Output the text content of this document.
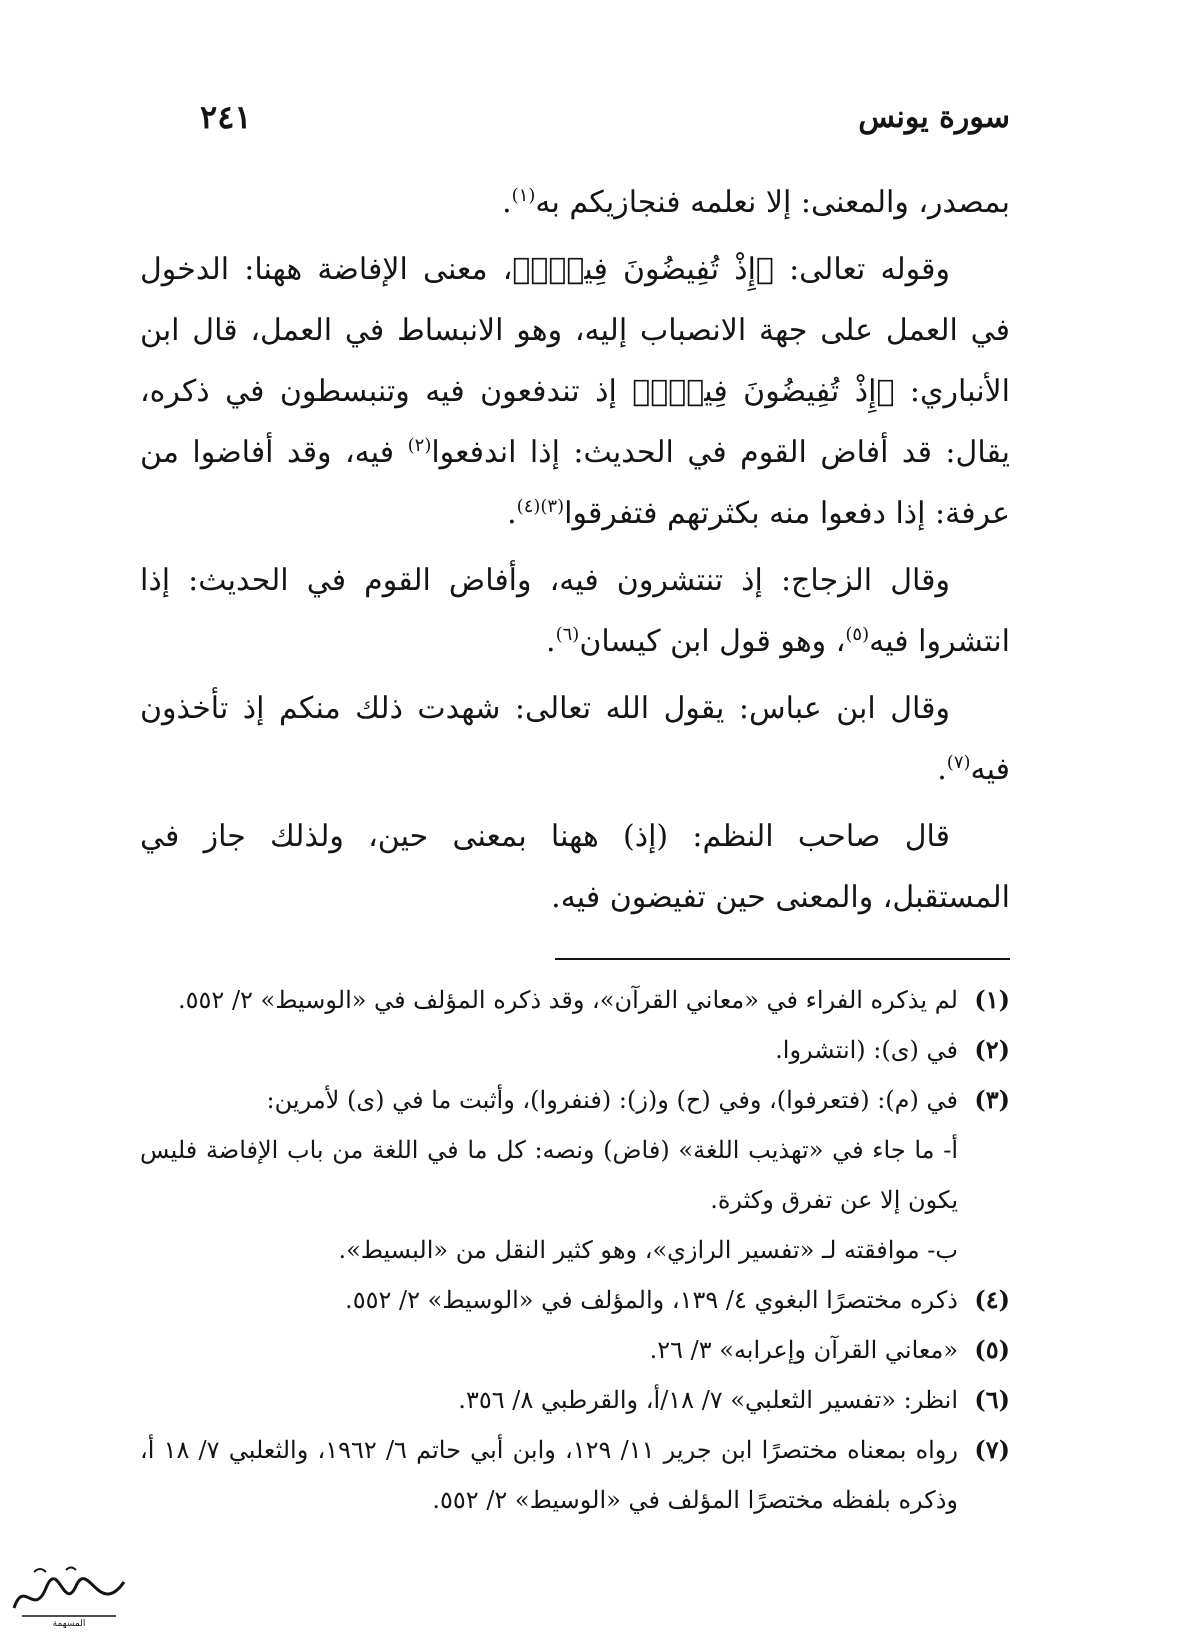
سورة يونس
٢٤١

بمصدر، والمعنى: إلا نعلمه فنجازيكم به$^{(١)}$.

وقوله تعالى: ﴿إِذْ تُفِيضُونَ فِيهِۚ﴾، معنى الإفاضة ههنا: الدخول في العمل على جهة الانصباب إليه، وهو الانبساط في العمل، قال ابن الأنباري: ﴿إِذْ تُفِيضُونَ فِيهِۚ﴾ إذ تندفعون فيه وتنبسطون في ذكره، يقال: قد أفاض القوم في الحديث: إذا اندفعوا$^{(٢)}$ فيه، وقد أفاضوا من عرفة: إذا دفعوا منه بكثرتهم فتفرقوا$^{(٣)(٤)}$.

وقال الزجاج: إذ تنتشرون فيه، وأفاض القوم في الحديث: إذا انتشروا فيه$^{(٥)}$، وهو قول ابن كيسان$^{(٦)}$.

وقال ابن عباس: يقول الله تعالى: شهدت ذلك منكم إذ تأخذون فيه$^{(٧)}$.

قال صاحب النظم: (إذ) ههنا بمعنى حين، ولذلك جاز في المستقبل، والمعنى حين تفيضون فيه.

(١)
لم يذكره الفراء في «معاني القرآن»، وقد ذكره المؤلف في «الوسيط» ٢/ ٥٥٢.
(٢)
في (ى): (انتشروا.
(٣)
في (م): (فتعرفوا)، وفي (ح) و(ز): (فنفروا)، وأثبت ما في (ى) لأمرين:
أ- ما جاء في «تهذيب اللغة» (فاض) ونصه: كل ما في اللغة من باب الإفاضة فليس يكون إلا عن تفرق وكثرة.
ب- موافقته لـ «تفسير الرازي»، وهو كثير النقل من «البسيط».
(٤)
ذكره مختصرًا البغوي ٤/ ١٣٩، والمؤلف في «الوسيط» ٢/ ٥٥٢.
(٥)
«معاني القرآن وإعرابه» ٣/ ٢٦.
(٦)
انظر: «تفسير الثعلبي» ٧/ ١٨/أ، والقرطبي ٨/ ٣٥٦.
(٧)
رواه بمعناه مختصرًا ابن جرير ١١/ ١٢٩، وابن أبي حاتم ٦/ ١٩٦٢، والثعلبي ٧/ ١٨ أ، وذكره بلفظه مختصرًا المؤلف في «الوسيط» ٢/ ٥٥٢.
المسهمة
